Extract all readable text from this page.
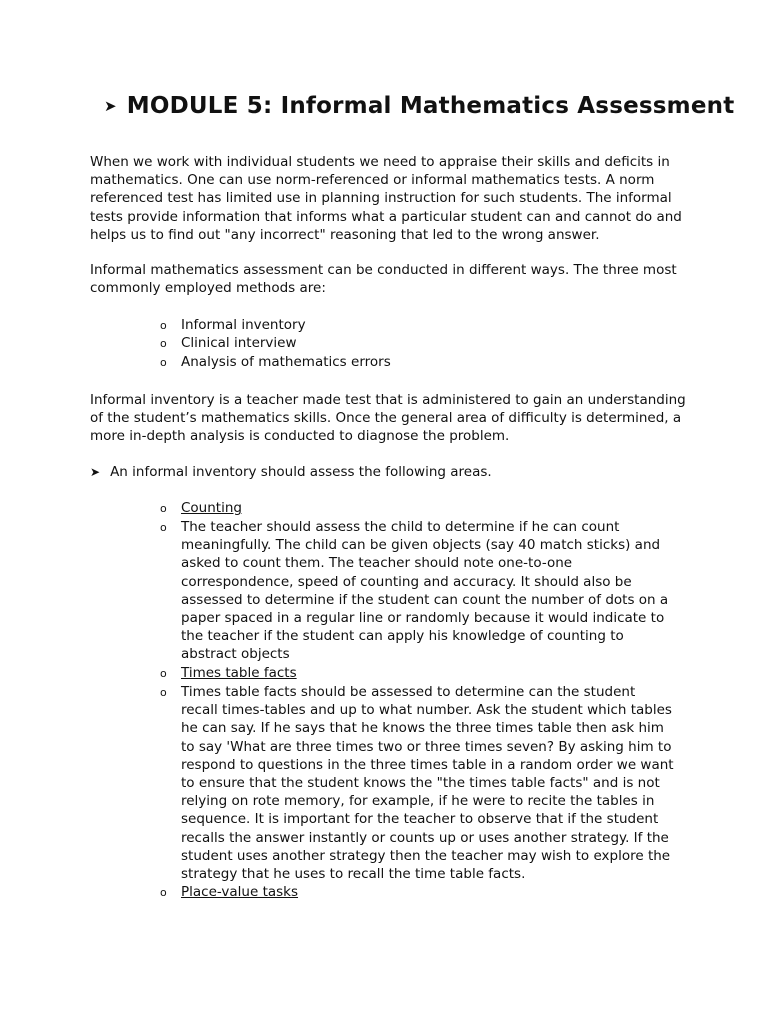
➤ MODULE 5: Informal Mathematics Assessment

When we work with individual students we need to appraise their skills and deficits in mathematics. One can use norm-referenced or informal mathematics tests. A norm referenced test has limited use in planning instruction for such students. The informal tests provide information that informs what a particular student can and cannot do and helps us to find out "any incorrect" reasoning that led to the wrong answer.

Informal mathematics assessment can be conducted in different ways. The three most commonly employed methods are:

o Informal inventory
o Clinical interview
o Analysis of mathematics errors

Informal inventory is a teacher made test that is administered to gain an understanding of the student’s mathematics skills. Once the general area of difficulty is determined, a more in-depth analysis is conducted to diagnose the problem.

➤ An informal inventory should assess the following areas.
o Counting
o The teacher should assess the child to determine if he can count meaningfully. The child can be given objects (say 40 match sticks) and asked to count them. The teacher should note one-to-one correspondence, speed of counting and accuracy. It should also be assessed to determine if the student can count the number of dots on a paper spaced in a regular line or randomly because it would indicate to the teacher if the student can apply his knowledge of counting to abstract objects
o Times table facts
o Times table facts should be assessed to determine can the student recall times-tables and up to what number. Ask the student which tables he can say. If he says that he knows the three times table then ask him to say 'What are three times two or three times seven? By asking him to respond to questions in the three times table in a random order we want to ensure that the student knows the "the times table facts" and is not relying on rote memory, for example, if he were to recite the tables in sequence. It is important for the teacher to observe that if the student recalls the answer instantly or counts up or uses another strategy. If the student uses another strategy then the teacher may wish to explore the strategy that he uses to recall the time table facts.
o Place-value tasks
